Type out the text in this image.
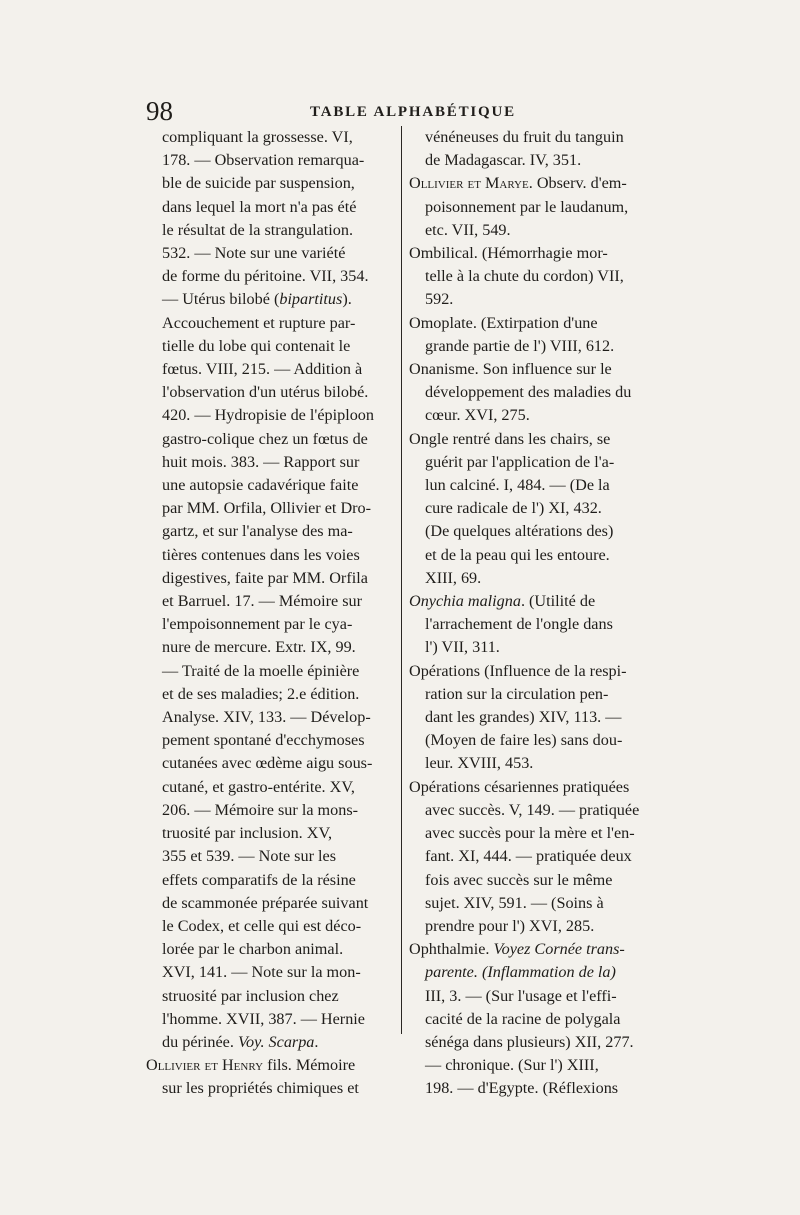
98	TABLE ALPHABÉTIQUE
compliquant la grossesse. VI,
178. — Observation remarqua-
ble de suicide par suspension,
dans lequel la mort n'a pas été
le résultat de la strangulation.
532. — Note sur une variété
de forme du péritoine. VII, 354.
— Utérus bilobé (bipartitus).
Accouchement et rupture par-
tielle du lobe qui contenait le
fœtus. VIII, 215. — Addition à
l'observation d'un utérus bilobé.
420. — Hydropisie de l'épiploon
gastro-colique chez un fœtus de
huit mois. 383. — Rapport sur
une autopsie cadavérique faite
par MM. Orfila, Ollivier et Dro-
gartz, et sur l'analyse des ma-
tières contenues dans les voies
digestives, faite par MM. Orfila
et Barruel. 17. — Mémoire sur
l'empoisonnement par le cya-
nure de mercure. Extr. IX, 99.
— Traité de la moelle épinière
et de ses maladies; 2.e édition.
Analyse. XIV, 133. — Dévelop-
pement spontané d'ecchymoses
cutanées avec œdème aigu sous-
cutané, et gastro-entérite. XV,
206. — Mémoire sur la mons-
truosité par inclusion. XV,
355 et 539. — Note sur les
effets comparatifs de la résine
de scammonée préparée suivant
le Codex, et celle qui est déco-
lorée par le charbon animal.
XVI, 141. — Note sur la mon-
struosité par inclusion chez
l'homme. XVII, 387. — Hernie
du périnée. Voy. Scarpa.
Ollivier et Henry fils. Mémoire
sur les propriétés chimiques et
vénéneuses du fruit du tanguin
de Madagascar. IV, 351.
Ollivier et Marye. Observ. d'em-
poisonnement par le laudanum,
etc. VII, 549.
Ombilical. (Hémorrhagie mor-
telle à la chute du cordon) VII,
592.
Omoplate. (Extirpation d'une
grande partie de l') VIII, 612.
Onanisme. Son influence sur le
développement des maladies du
cœur. XVI, 275.
Ongle rentré dans les chairs, se
guérit par l'application de l'a-
lun calciné. I, 484. — (De la
cure radicale de l') XI, 432.
(De quelques altérations des)
et de la peau qui les entoure.
XIII, 69.
Onychia maligna. (Utilité de
l'arrachement de l'ongle dans
l') VII, 311.
Opérations (Influence de la respi-
ration sur la circulation pen-
dant les grandes) XIV, 113. —
(Moyen de faire les) sans dou-
leur. XVIII, 453.
Opérations césariennes pratiquées
avec succès. V, 149. — pratiquée
avec succès pour la mère et l'en-
fant. XI, 444. — pratiquée deux
fois avec succès sur le même
sujet. XIV, 591. — (Soins à
prendre pour l') XVI, 285.
Ophthalmie. Voyez Cornée trans-
parente. (Inflammation de la)
III, 3. — (Sur l'usage et l'effi-
cacité de la racine de polygala
sénéga dans plusieurs) XII, 277.
— chronique. (Sur l') XIII,
198. — d'Egypte. (Réflexions
